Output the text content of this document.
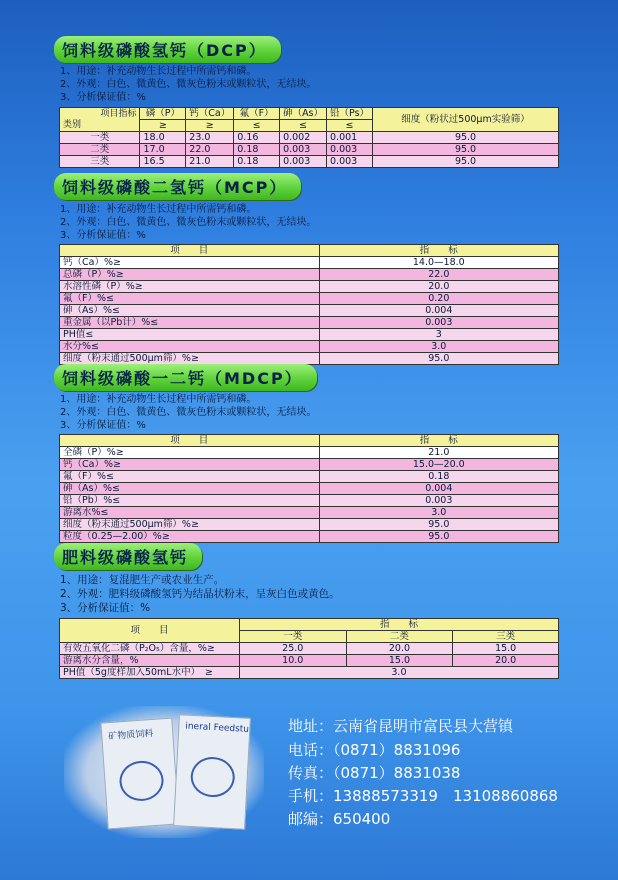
饲料级磷酸氢钙（DCP）
1、用途：补充动物生长过程中所需钙和磷。
2、外观：白色、微黄色、微灰色粉末或颗粒状，无结块。
3、分析保证值：%
项目指标
类别	磷（P）	钙（Ca）	氟（F）	砷（As）	铅（Ps）	细度（粉状过500μm实验筛）
	≥	≥	≤	≤	≤	
一类	18.0	23.0	0.16	0.002	0.001	95.0
二类	17.0	22.0	0.18	0.003	0.003	95.0
三类	16.5	21.0	0.18	0.003	0.003	95.0
饲料级磷酸二氢钙（MCP）
1、用途：补充动物生长过程中所需钙和磷。
2、外观：白色、微黄色、微灰色粉末或颗粒状，无结块。
3、分析保证值：%
项　　目	指　　标
钙（Ca）%≥	14.0—18.0
总磷（P）%≥	22.0
水溶性磷（P）%≥	20.0
氟（F）%≤	0.20
砷（As）%≤	0.004
重金属（以Pb计）%≤	0.003
PH值≤	3
水分%≤	3.0
细度（粉末通过500μm筛）%≥	95.0
饲料级磷酸一二钙（MDCP）
1、用途：补充动物生长过程中所需钙和磷。
2、外观：白色、微黄色、微灰色粉末或颗粒状，无结块。
3、分析保证值：%
项　　目	指　　标
全磷（P）%≥	21.0
钙（Ca）%≥	15.0—20.0
氟（F）%≤	0.18
砷（As）%≤	0.004
铅（Pb）%≤	0.003
游离水%≤	3.0
细度（粉末通过500μm筛）%≥	95.0
粒度（0.25—2.00）%≥	95.0
肥料级磷酸氢钙
1、用途：复混肥生产或农业生产。
2、外观：肥料级磷酸氢钙为结晶状粉末，呈灰白色或黄色。
3、分析保证值：%
项　　目	指　　标		
	一类	二类	三类
有效五氧化二磷（P₂O₅）含量，%≥	25.0	20.0	15.0
游离水分含量，%	10.0	15.0	20.0
PH值（5g度样加入50mL水中）　≥	3.0		
矿物质饲料
ineral Feedstu	地址：云南省昆明市富民县大营镇
电话：（0871）8831096
传真：（0871）8831038
手机：13888573319　13108860868
邮编：650400
